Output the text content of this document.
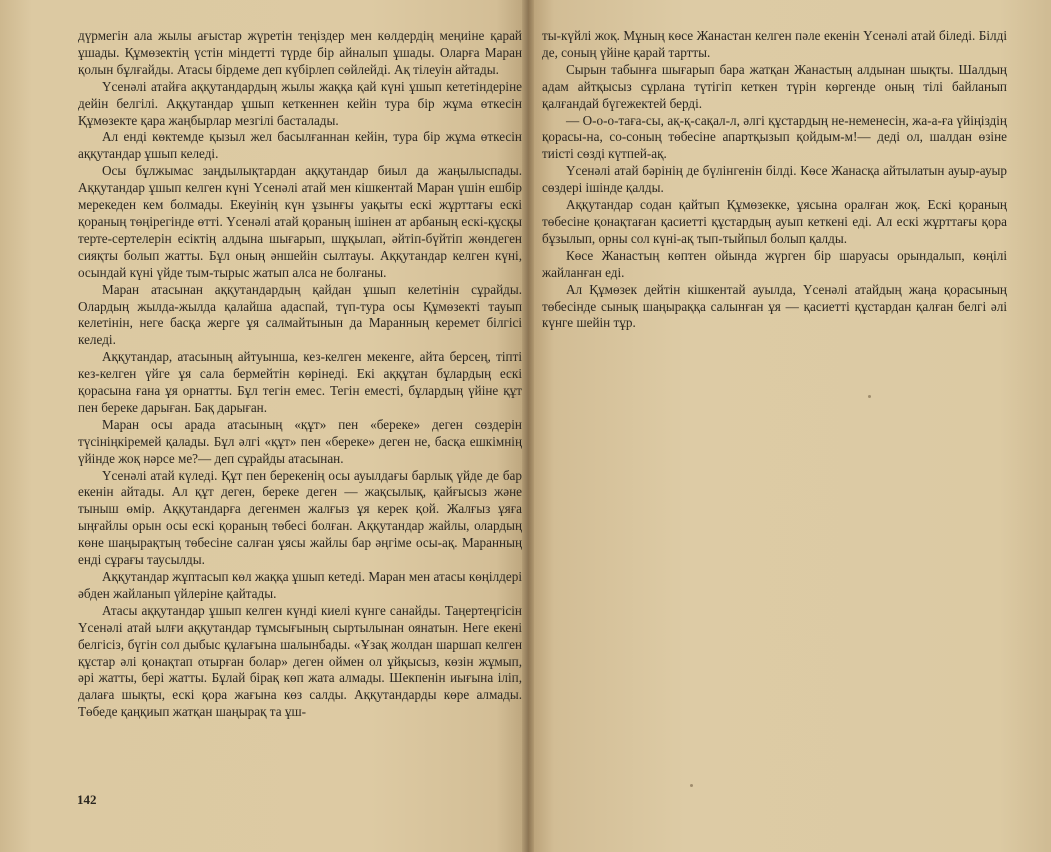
дүрмегін ала жылы ағыстар жүретін теңіздер мен көлдердің меңиіне қарай ұшады. Құмөзектің үстін міндетті түрде бір айналып ұшады. Оларға Маран қолын бұлғайды. Атасы бірдеме деп күбірлеп сөйлейді. Ақ тілеуін айтады.

Үсенәлі атайға аққутандардың жылы жаққа қай күні ұшып кететіндеріне дейін белгілі. Аққутандар ұшып кеткеннен кейін тура бір жұма өткесін Құмөзекте қара жаңбырлар мезгілі басталады.

Ал енді көктемде қызыл жел басылғаннан кейін, тура бір жұма өткесін аққутандар ұшып келеді.

Осы бұлжымас заңдылықтардан аққутандар биыл да жаңылыспады. Аққутандар ұшып келген күні Үсенәлі атай мен кішкентай Маран үшін ешбір мерекеден кем болмады. Екеуінің күн ұзынғы уақыты ескі жұрттағы ескі қораның төңірегінде өтті. Үсенәлі атай қораның ішінен ат арбаның ескі-құсқы терте-сертелерін есіктің алдына шығарып, шұқылап, әйтіп-бүйтіп жөндеген сияқты болып жатты. Бұл оның әншейін сылтауы. Аққутандар келген күні, осындай күні үйде тым-тырыс жатып алса не болғаны.

Маран атасынан аққутандардың қайдан ұшып келетінін сұрайды. Олардың жылда-жылда қалайша адаспай, түп-тура осы Құмөзекті тауып келетінін, неге басқа жерге ұя салмайтынын да Маранның керемет білгісі келеді.

Аққутандар, атасының айтуынша, кез-келген мекенге, айта берсең, тіпті кез-келген үйге ұя сала бермейтін көрінеді. Екі аққұтан бұлардың ескі қорасына ғана ұя орнатты. Бұл тегін емес. Тегін еместі, бұлардың үйіне құт пен береке дарыған. Бақ дарыған.

Маран осы арада атасының «құт» пен «береке» деген сөздерін түсініңкіремей қалады. Бұл әлгі «құт» пен «береке» деген не, басқа ешкімнің үйінде жоқ нәрсе ме?— деп сұрайды атасынан.

Үсенәлі атай күледі. Құт пен берекенің осы ауылдағы барлық үйде де бар екенін айтады. Ал құт деген, береке деген — жақсылық, қайғысыз және тыныш өмір. Аққутандарға дегенмен жалғыз ұя керек қой. Жалғыз ұяға ыңғайлы орын осы ескі қораның төбесі болған. Аққутандар жайлы, олардың көне шаңырақтың төбесіне салған ұясы жайлы бар әңгіме осы-ақ. Маранның енді сұрағы таусылды.

Аққутандар жұптасып көл жаққа ұшып кетеді. Маран мен атасы көңілдері әбден жайланып үйлеріне қайтады.

Атасы аққутандар ұшып келген күнді киелі күнге санайды. Таңертеңгісін Үсенәлі атай ылғи аққутандар тұмсығының сыртылынан оянатын. Неге екені белгісіз, бүгін сол дыбыс құлағына шалынбады. «Ұзақ жолдан шаршап келген құстар әлі қонақтап отырған болар» деген оймен ол ұйқысыз, көзін жұмып, әрі жатты, бері жатты. Бұлай бірақ көп жата алмады. Шекпенін иығына іліп, далаға шықты, ескі қора жағына көз салды. Аққутандарды көре алмады. Төбеде қаңқиып жатқан шаңырақ та ұш-

ты-күйлі жоқ. Мұның көсе Жанастан келген пәле екенін Үсенәлі атай біледі. Білді де, соның үйіне қарай тартты.

Сырын табынға шығарып бара жатқан Жанастың алдынан шықты. Шалдың адам айтқысыз сұрлана түтігіп кеткен түрін көргенде оның тілі байланып қалғандай бүгежектей берді.

— О-о-о-таға-сы, ақ-қ-сақал-л, әлгі құстардың не-неменесін, жа-а-ға үйіңіздің қорасы-на, со-соның төбесіне апартқызып қойдым-м!— деді ол, шалдан өзіне тиісті сөзді күтпей-ақ.

Үсенәлі атай бәрінің де бүлінгенін білді. Көсе Жанасқа айтылатын ауыр-ауыр сөздері ішінде қалды.

Аққутандар содан қайтып Құмөзекке, ұясына оралған жоқ. Ескі қораның төбесіне қонақтаған қасиетті құстардың ауып кеткені еді. Ал ескі жұрттағы қора бұзылып, орны сол күні-ақ тып-тыйпыл болып қалды.

Көсе Жанастың көптен ойында жүрген бір шаруасы орындалып, көңілі жайланған еді.

Ал Құмөзек дейтін кішкентай ауылда, Үсенәлі атайдың жаңа қорасының төбесінде сынық шаңыраққа салынған ұя — қасиетті құстардан қалған белгі әлі күнге шейін тұр.

142
